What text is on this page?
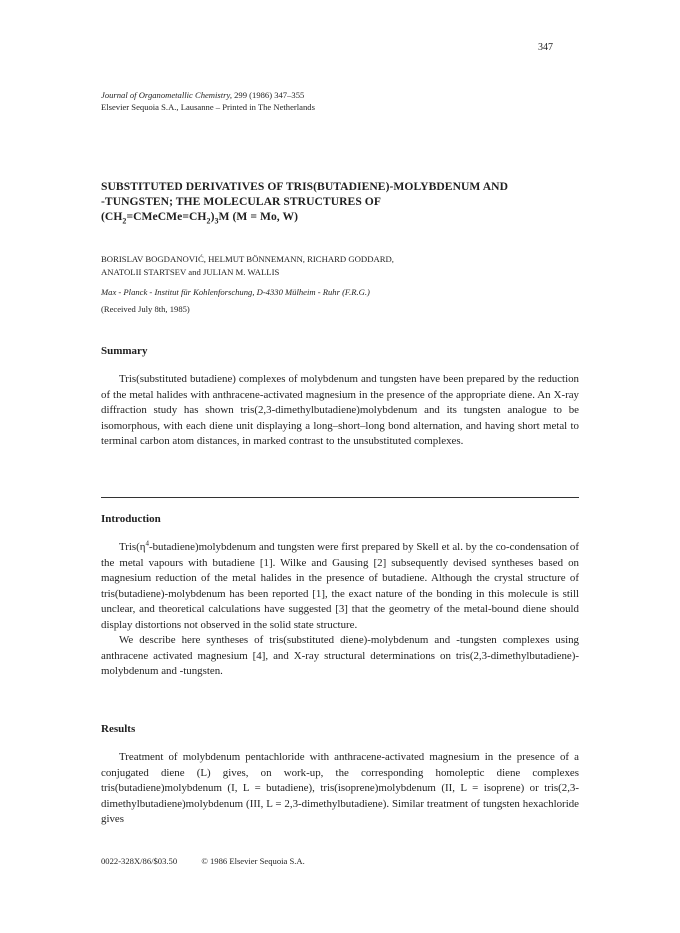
347
Journal of Organometallic Chemistry, 299 (1986) 347–355
Elsevier Sequoia S.A., Lausanne – Printed in The Netherlands
SUBSTITUTED DERIVATIVES OF TRIS(BUTADIENE)-MOLYBDENUM AND
-TUNGSTEN; THE MOLECULAR STRUCTURES OF
$(CH_2=CMeCMe=CH_2)_3M$ (M = Mo, W)
BORISLAV BOGDANOVIĆ, HELMUT BÖNNEMANN, RICHARD GODDARD,
ANATOLII STARTSEV and JULIAN M. WALLIS
Max - Planck - Institut für Kohlenforschung, D-4330 Mülheim - Ruhr (F.R.G.)
(Received July 8th, 1985)
Summary

Tris(substituted butadiene) complexes of molybdenum and tungsten have been prepared by the reduction of the metal halides with anthracene-activated magnesium in the presence of the appropriate diene. An X-ray diffraction study has shown tris(2,3-dimethylbutadiene)molybdenum and its tungsten analogue to be isomorphous, with each diene unit displaying a long–short–long bond alternation, and having short metal to terminal carbon atom distances, in marked contrast to the unsubstituted complexes.

Introduction

$Tris(\eta^4-butadiene)molybdenum$ and tungsten were first prepared by Skell et al. by the co-condensation of the metal vapours with butadiene [1]. Wilke and Gausing [2] subsequently devised syntheses based on magnesium reduction of the metal halides in the presence of butadiene. Although the crystal structure of tris(butadiene)-molybdenum has been reported [1], the exact nature of the bonding in this molecule is still unclear, and theoretical calculations have suggested [3] that the geometry of the metal-bound diene should display distortions not observed in the solid state structure.

We describe here syntheses of tris(substituted diene)-molybdenum and -tungsten complexes using anthracene activated magnesium [4], and X-ray structural determinations on tris(2,3-dimethylbutadiene)-molybdenum and -tungsten.

Results

Treatment of molybdenum pentachloride with anthracene-activated magnesium in the presence of a conjugated diene (L) gives, on work-up, the corresponding homoleptic diene complexes tris(butadiene)molybdenum (I, L = butadiene), tris(isoprene)molybdenum (II, L = isoprene) or tris(2,3-dimethylbutadiene)molybdenum (III, L = 2,3-dimethylbutadiene). Similar treatment of tungsten hexachloride gives

0022-328X/86/$03.50	© 1986 Elsevier Sequoia S.A.
